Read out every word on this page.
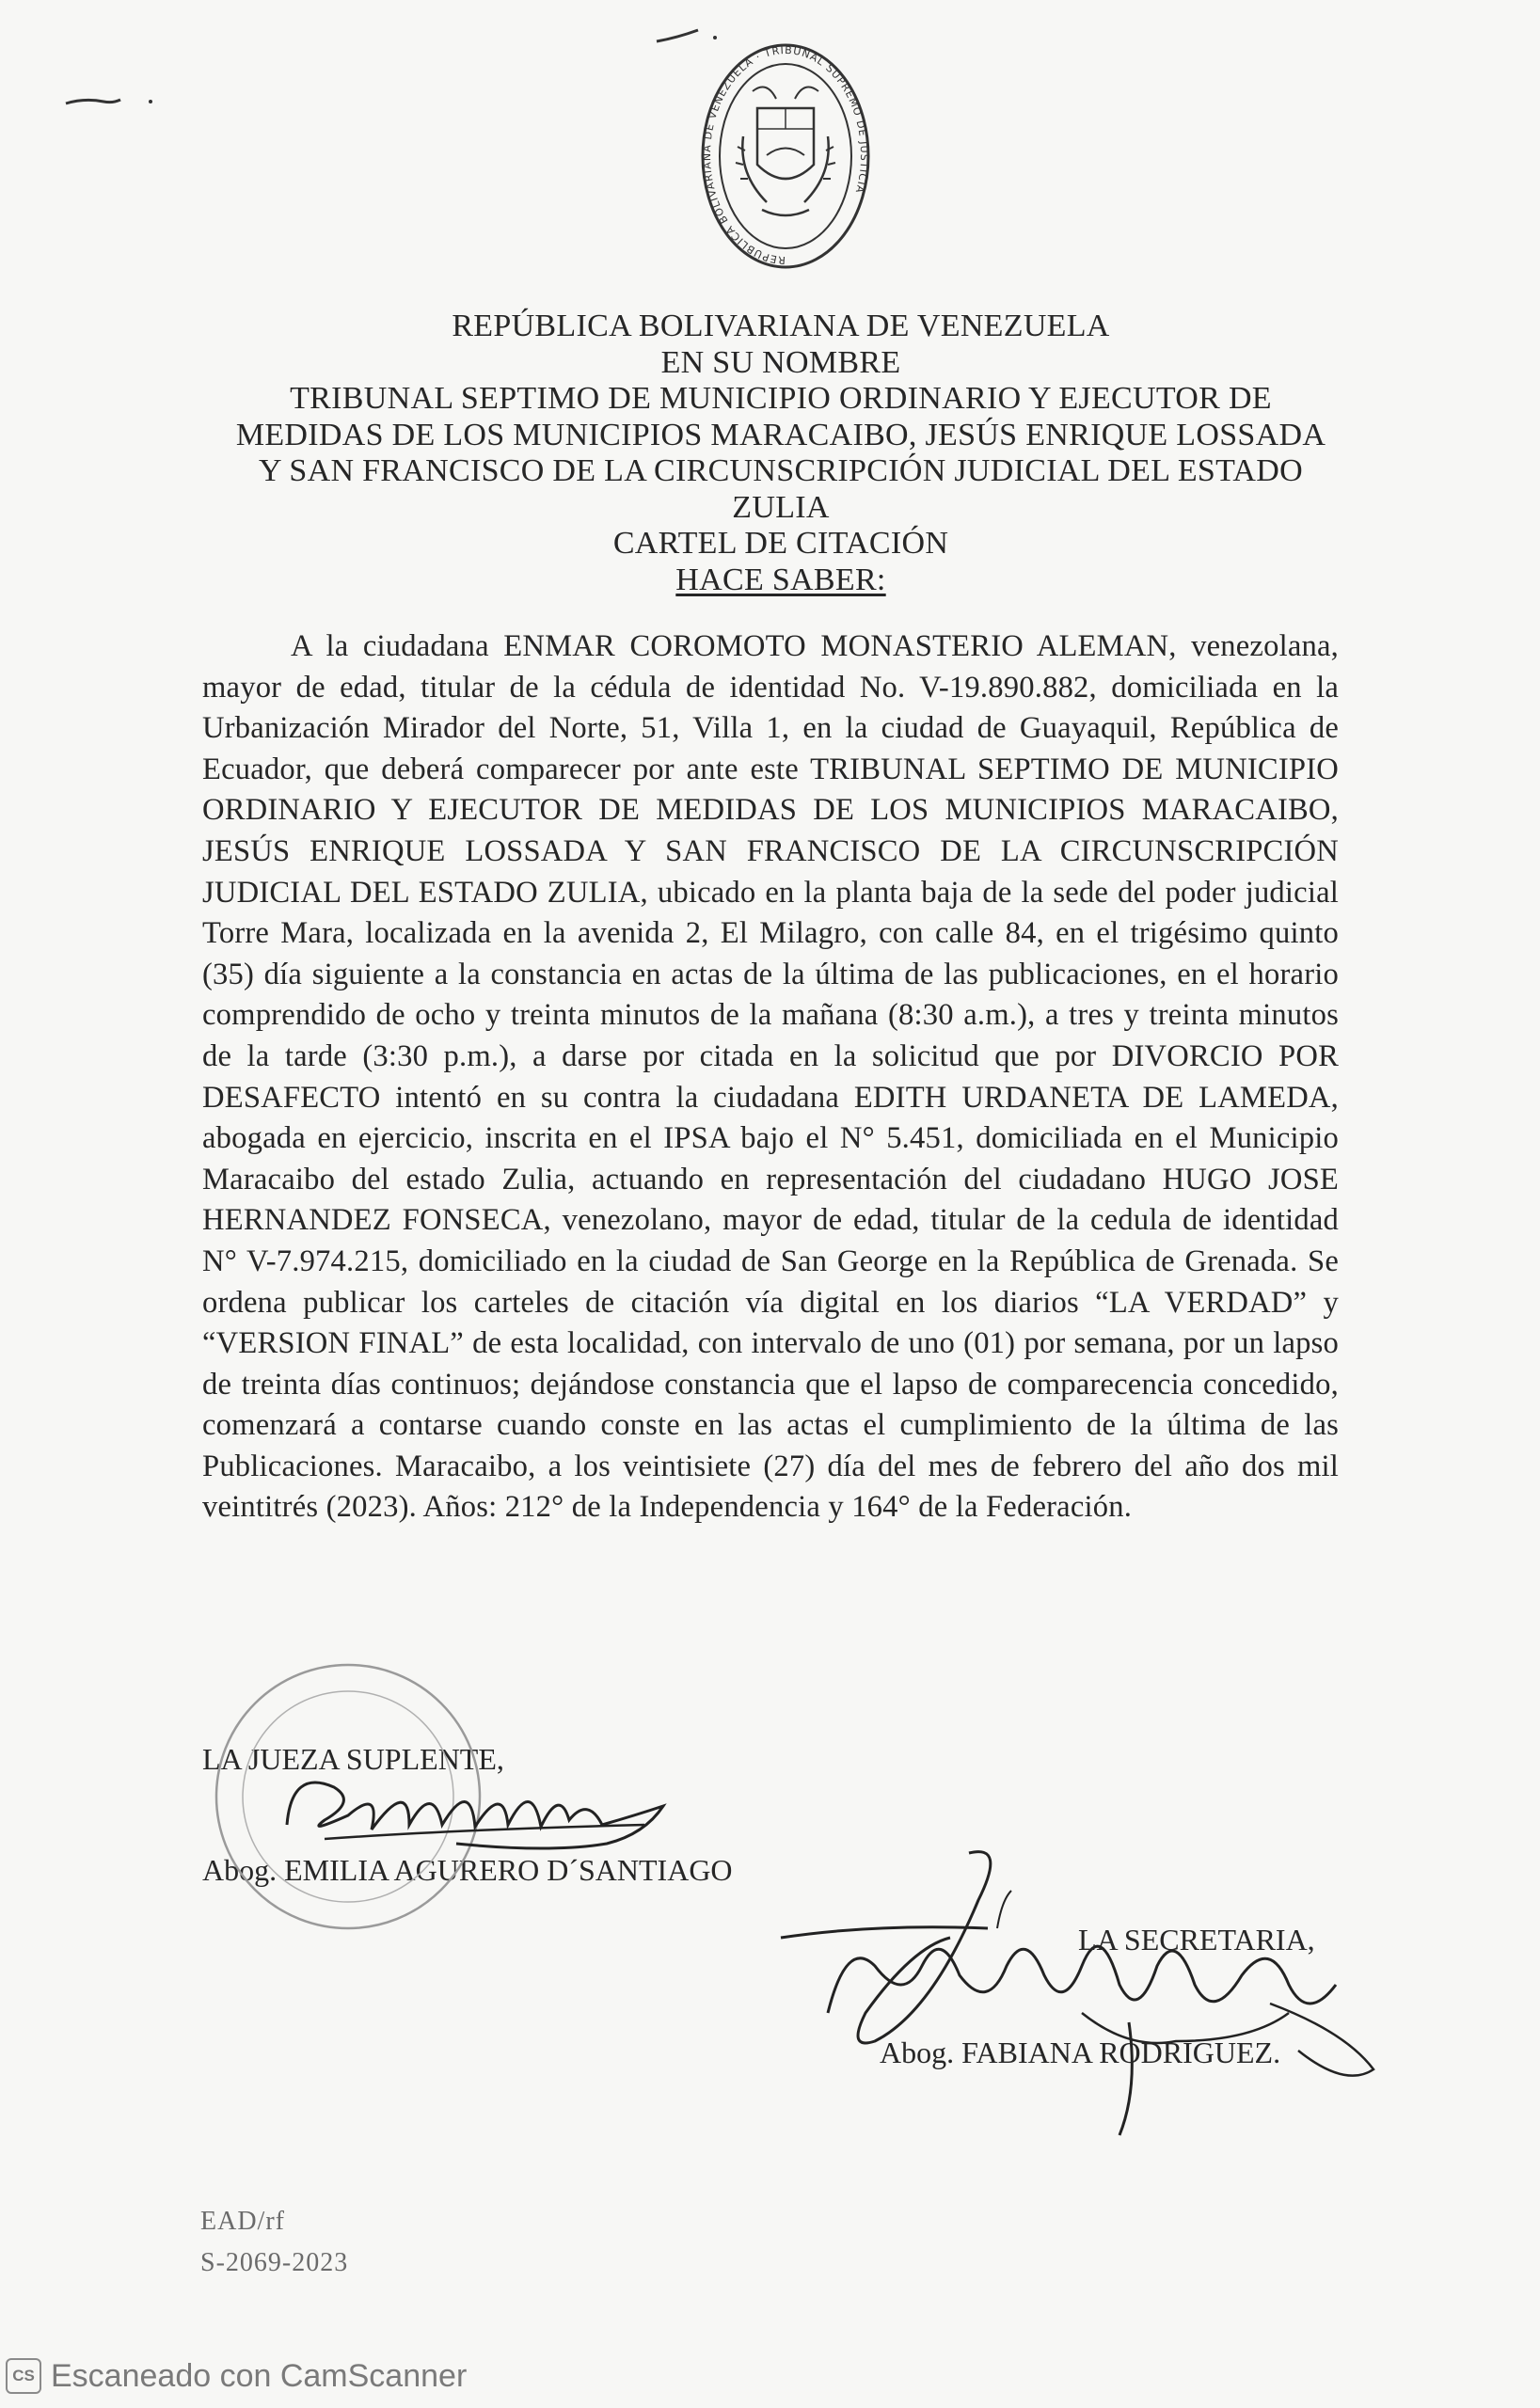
REPÚBLICA BOLIVARIANA DE VENEZUELA · TRIBUNAL SUPREMO DE JUSTICIA
REPÚBLICA BOLIVARIANA DE VENEZUELA
EN SU NOMBRE
TRIBUNAL SEPTIMO DE MUNICIPIO ORDINARIO Y EJECUTOR DE
MEDIDAS DE LOS MUNICIPIOS MARACAIBO, JESÚS ENRIQUE LOSSADA
Y SAN FRANCISCO DE LA CIRCUNSCRIPCIÓN JUDICIAL DEL ESTADO
ZULIA
CARTEL DE CITACIÓN
HACE SABER:
A la ciudadana ENMAR COROMOTO MONASTERIO ALEMAN, venezolana, mayor de edad, titular de la cédula de identidad No. V-19.890.882, domiciliada en la Urbanización Mirador del Norte, 51, Villa 1, en la ciudad de Guayaquil, República de Ecuador, que deberá comparecer por ante este TRIBUNAL SEPTIMO DE MUNICIPIO ORDINARIO Y EJECUTOR DE MEDIDAS DE LOS MUNICIPIOS MARACAIBO, JESÚS ENRIQUE LOSSADA Y SAN FRANCISCO DE LA CIRCUNSCRIPCIÓN JUDICIAL DEL ESTADO ZULIA, ubicado en la planta baja de la sede del poder judicial Torre Mara, localizada en la avenida 2, El Milagro, con calle 84, en el trigésimo quinto (35) día siguiente a la constancia en actas de la última de las publicaciones, en el horario comprendido de ocho y treinta minutos de la mañana (8:30 a.m.), a tres y treinta minutos de la tarde (3:30 p.m.), a darse por citada en la solicitud que por DIVORCIO POR DESAFECTO intentó en su contra la ciudadana EDITH URDANETA DE LAMEDA, abogada en ejercicio, inscrita en el IPSA bajo el N° 5.451, domiciliada en el Municipio Maracaibo del estado Zulia, actuando en representación del ciudadano HUGO JOSE HERNANDEZ FONSECA, venezolano, mayor de edad, titular de la cedula de identidad N° V-7.974.215, domiciliado en la ciudad de San George en la República de Grenada. Se ordena publicar los carteles de citación vía digital en los diarios “LA VERDAD” y “VERSION FINAL” de esta localidad, con intervalo de uno (01) por semana, por un lapso de treinta días continuos; dejándose constancia que el lapso de comparecencia concedido, comenzará a contarse cuando conste en las actas el cumplimiento de la última de las Publicaciones. Maracaibo, a los veintisiete (27) día del mes de febrero del año dos mil veintitrés (2023). Años: 212° de la Independencia y 164° de la Federación.
LA JUEZA SUPLENTE,
Abog. EMILIA AGURERO D´SANTIAGO
LA SECRETARIA,
Abog. FABIANA RODRIGUEZ.
EAD/rf
S-2069-2023
CS Escaneado con CamScanner
